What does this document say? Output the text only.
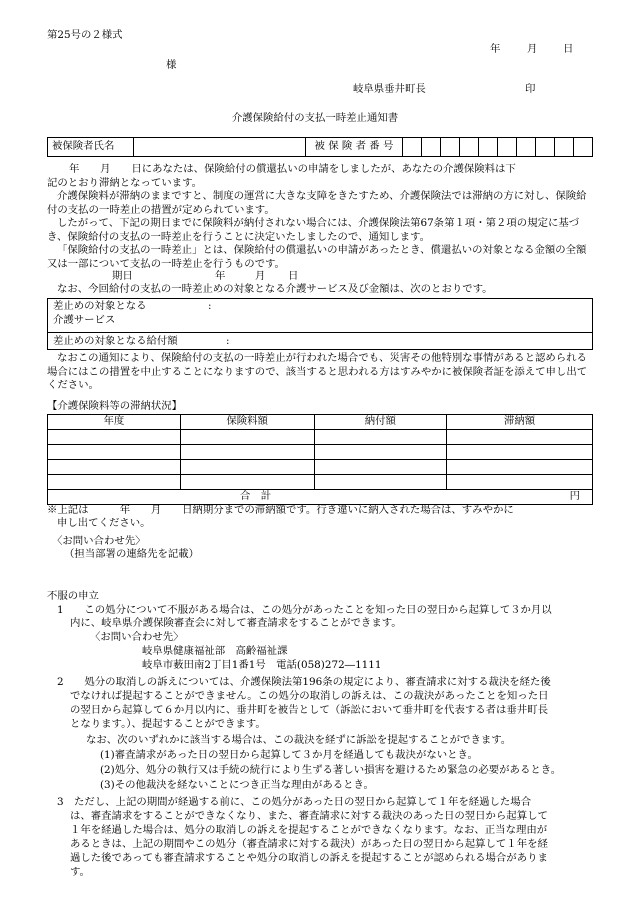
第25号の２様式
年	月 日
様
岐阜県垂井町長	印
介護保険給付の支払一時差止通知書
被保険者氏名		被 保 険 者 番 号										

年　　月　　日にあなたは、保険給付の償還払いの申請をしましたが、あなたの介護保険料は下

記のとおり滞納となっています。

介護保険料が滞納のままですと、制度の運営に大きな支障をきたすため、介護保険法では滞納の方に対し、保険給付の支払の一時差止の措置が定められています。

したがって、下記の期日までに保険料が納付されない場合には、介護保険法第67条第１項・第２項の規定に基づき、保険給付の支払の一時差止を行うことに決定いたしましたので、通知します。

「保険給付の支払の一時差止」とは、保険給付の償還払いの申請があったとき、償還払いの対象となる金額の全額又は一部について支払の一時差止を行うものです。

期日	年	月 日
なお、今回給付の支払の一時差止めの対象となる介護サービス及び金額は、次のとおりです。
差止めの対象となる	:
介護サービス
差止めの対象となる給付額	:

なおこの通知により、保険給付の支払の一時差止が行われた場合でも、災害その他特別な事情があると認められる場合にはこの措置を中止することになりますので、該当すると思われる方はすみやかに被保険者証を添えて申し出てください。

【介護保険料等の滞納状況】
年度	保険料額	納付額	滞納額

合　計 円			
※上記は　　　年　　月　　日納期分までの滞納額です。行き違いに納入された場合は、すみやかに
申し出てください。
〈お問い合わせ先〉
（担当部署の連絡先を記載）
不服の申立
1　　この処分について不服がある場合は、この処分があったことを知った日の翌日から起算して３か月以
内に、岐阜県介護保険審査会に対して審査請求をすることができます。
〈お問い合わせ先〉
岐阜県健康福祉部　高齢福祉課
岐阜市薮田南2丁目1番1号　電話(058)272―1111
2　　処分の取消しの訴えについては、介護保険法第196条の規定により、審査請求に対する裁決を経た後
でなければ提起することができません。この処分の取消しの訴えは、この裁決があったことを知った日
の翌日から起算して６か月以内に、垂井町を被告として（訴訟において垂井町を代表する者は垂井町長
となります。）、提起することができます。
なお、次のいずれかに該当する場合は、この裁決を経ずに訴訟を提起することができます。
(1)審査請求があった日の翌日から起算して３か月を経過しても裁決がないとき。
(2)処分、処分の執行又は手続の続行により生ずる著しい損害を避けるため緊急の必要があるとき。
(3)その他裁決を経ないことにつき正当な理由があるとき。
3　ただし、上記の期間が経過する前に、この処分があった日の翌日から起算して１年を経過した場合
は、審査請求をすることができなくなり、また、審査請求に対する裁決のあった日の翌日から起算して
１年を経過した場合は、処分の取消しの訴えを提起することができなくなります。なお、正当な理由が
あるときは、上記の期間やこの処分（審査請求に対する裁決）があった日の翌日から起算して１年を経
過した後であっても審査請求することや処分の取消しの訴えを提起することが認められる場合がありま
す。
